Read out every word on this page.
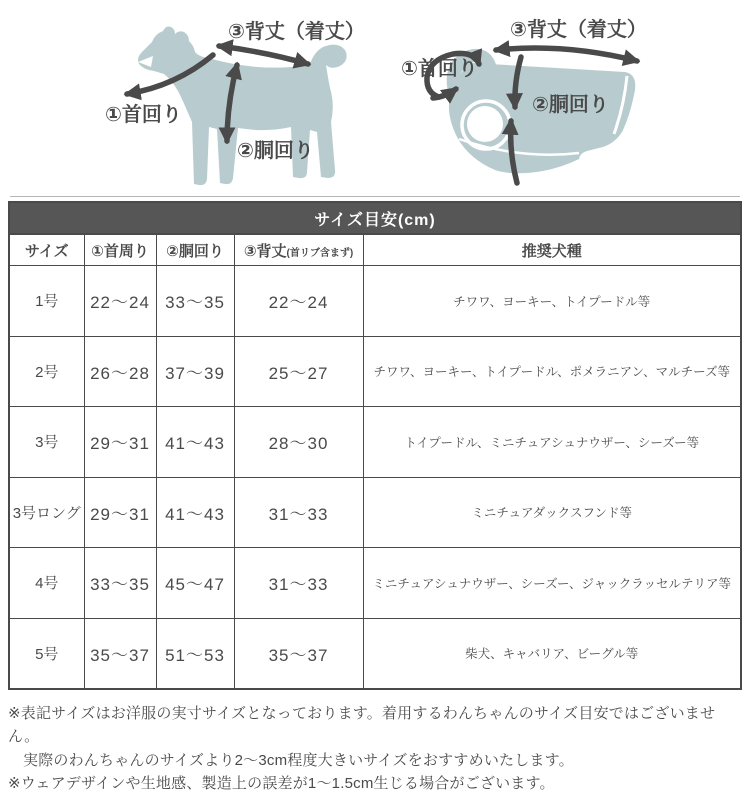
③背丈（着丈）
①首回り
②胴回り
③背丈（着丈）
①首回り
②胴回り
サイズ目安(cm)
サイズ	①首周り	②胴回り	③背丈(首リブ含まず)	推奨犬種
1号	22〜24	33〜35	22〜24	チワワ、ヨーキー、トイプードル等
2号	26〜28	37〜39	25〜27	チワワ、ヨーキー、トイプードル、ポメラニアン、マルチーズ等
3号	29〜31	41〜43	28〜30	トイプードル、ミニチュアシュナウザー、シーズー等
3号ロング	29〜31	41〜43	31〜33	ミニチュアダックスフンド等
4号	33〜35	45〜47	31〜33	ミニチュアシュナウザー、シーズー、ジャックラッセルテリア等
5号	35〜37	51〜53	35〜37	柴犬、キャバリア、ビーグル等

※表記サイズはお洋服の実寸サイズとなっております。着用するわんちゃんのサイズ目安ではございません。

実際のわんちゃんのサイズより2〜3cm程度大きいサイズをおすすめいたします。

※ウェアデザインや生地感、製造上の誤差が1〜1.5cm生じる場合がございます。
